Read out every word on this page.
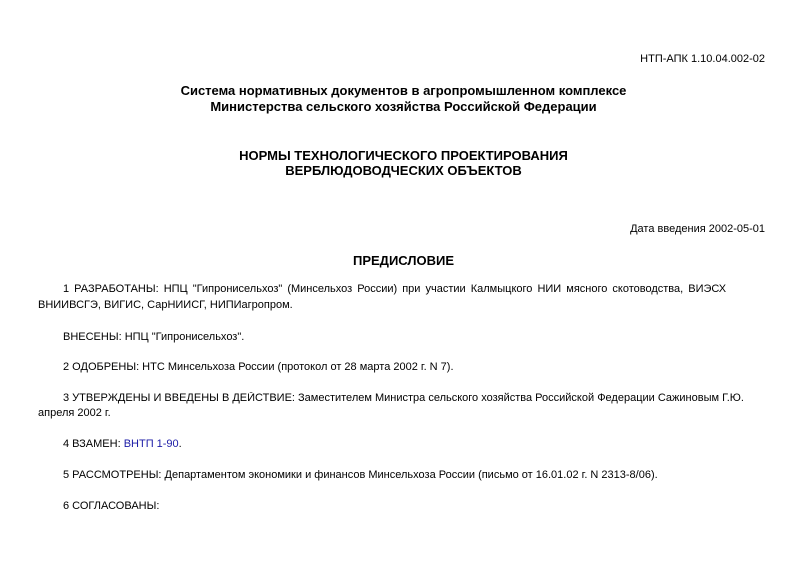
НТП-АПК 1.10.04.002-02
Система нормативных документов в агропромышленном комплексе
Министерства сельского хозяйства Российской Федерации
НОРМЫ ТЕХНОЛОГИЧЕСКОГО ПРОЕКТИРОВАНИЯ
ВЕРБЛЮДОВОДЧЕСКИХ ОБЪЕКТОВ
Дата введения 2002-05-01
ПРЕДИСЛОВИЕ
1 РАЗРАБОТАНЫ: НПЦ "Гипронисельхоз" (Минсельхоз России) при участии Калмыцкого НИИ мясного скотоводства, ВИЭСХ
ВНИИВСГЭ, ВИГИС, СарНИИСГ, НИПИагропром.
ВНЕСЕНЫ: НПЦ "Гипронисельхоз".
2 ОДОБРЕНЫ: НТС Минсельхоза России (протокол от 28 марта 2002 г. N 7).
3 УТВЕРЖДЕНЫ И ВВЕДЕНЫ В ДЕЙСТВИЕ: Заместителем Министра сельского хозяйства Российской Федерации Сажиновым Г.Ю.
апреля 2002 г.
4 ВЗАМЕН: ВНТП 1-90.
5 РАССМОТРЕНЫ: Департаментом экономики и финансов Минсельхоза России (письмо от 16.01.02 г. N 2313-8/06).
6 СОГЛАСОВАНЫ:
